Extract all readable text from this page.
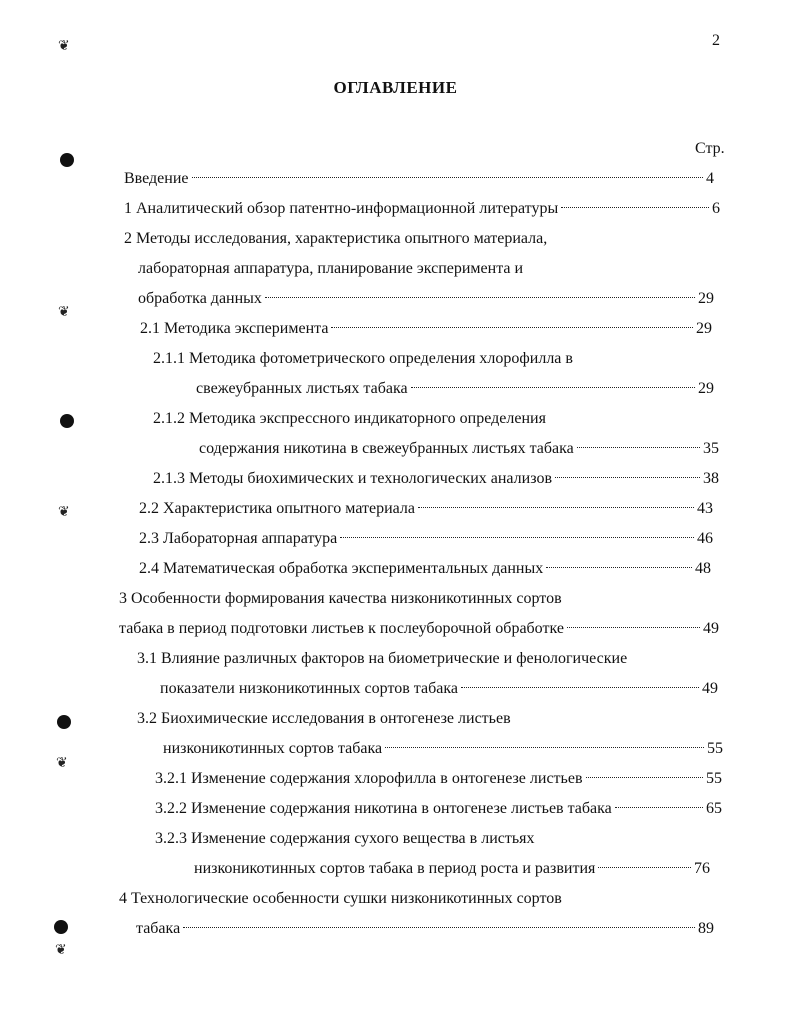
❦
❦
❦
❦
❦
2
ОГЛАВЛЕНИЕ
Стр.
Введение	4
1 Аналитический обзор патентно-информационной литературы	6
2 Методы исследования, характеристика опытного материала,
лабораторная аппаратура, планирование эксперимента и
обработка данных	29
2.1 Методика эксперимента	29
2.1.1 Методика фотометрического определения хлорофилла в
свежеубранных листьях табака	29
2.1.2 Методика экспрессного индикаторного определения
содержания никотина в свежеубранных листьях табака	35
2.1.3 Методы биохимических и технологических анализов	38
2.2 Характеристика опытного материала	43
2.3 Лабораторная аппаратура	46
2.4 Математическая обработка экспериментальных данных	48
3 Особенности формирования качества низконикотинных сортов
табака в период подготовки листьев к послеуборочной обработке	49
3.1 Влияние различных факторов на биометрические и фенологические
показатели низконикотинных сортов табака	49
3.2 Биохимические исследования в онтогенезе листьев
низконикотинных сортов табака	55
3.2.1 Изменение содержания хлорофилла в онтогенезе листьев	55
3.2.2 Изменение содержания никотина в онтогенезе листьев табака	65
3.2.3 Изменение содержания сухого вещества в листьях
низконикотинных сортов табака в период роста и развития	76
4 Технологические особенности сушки низконикотинных сортов
табака	89
